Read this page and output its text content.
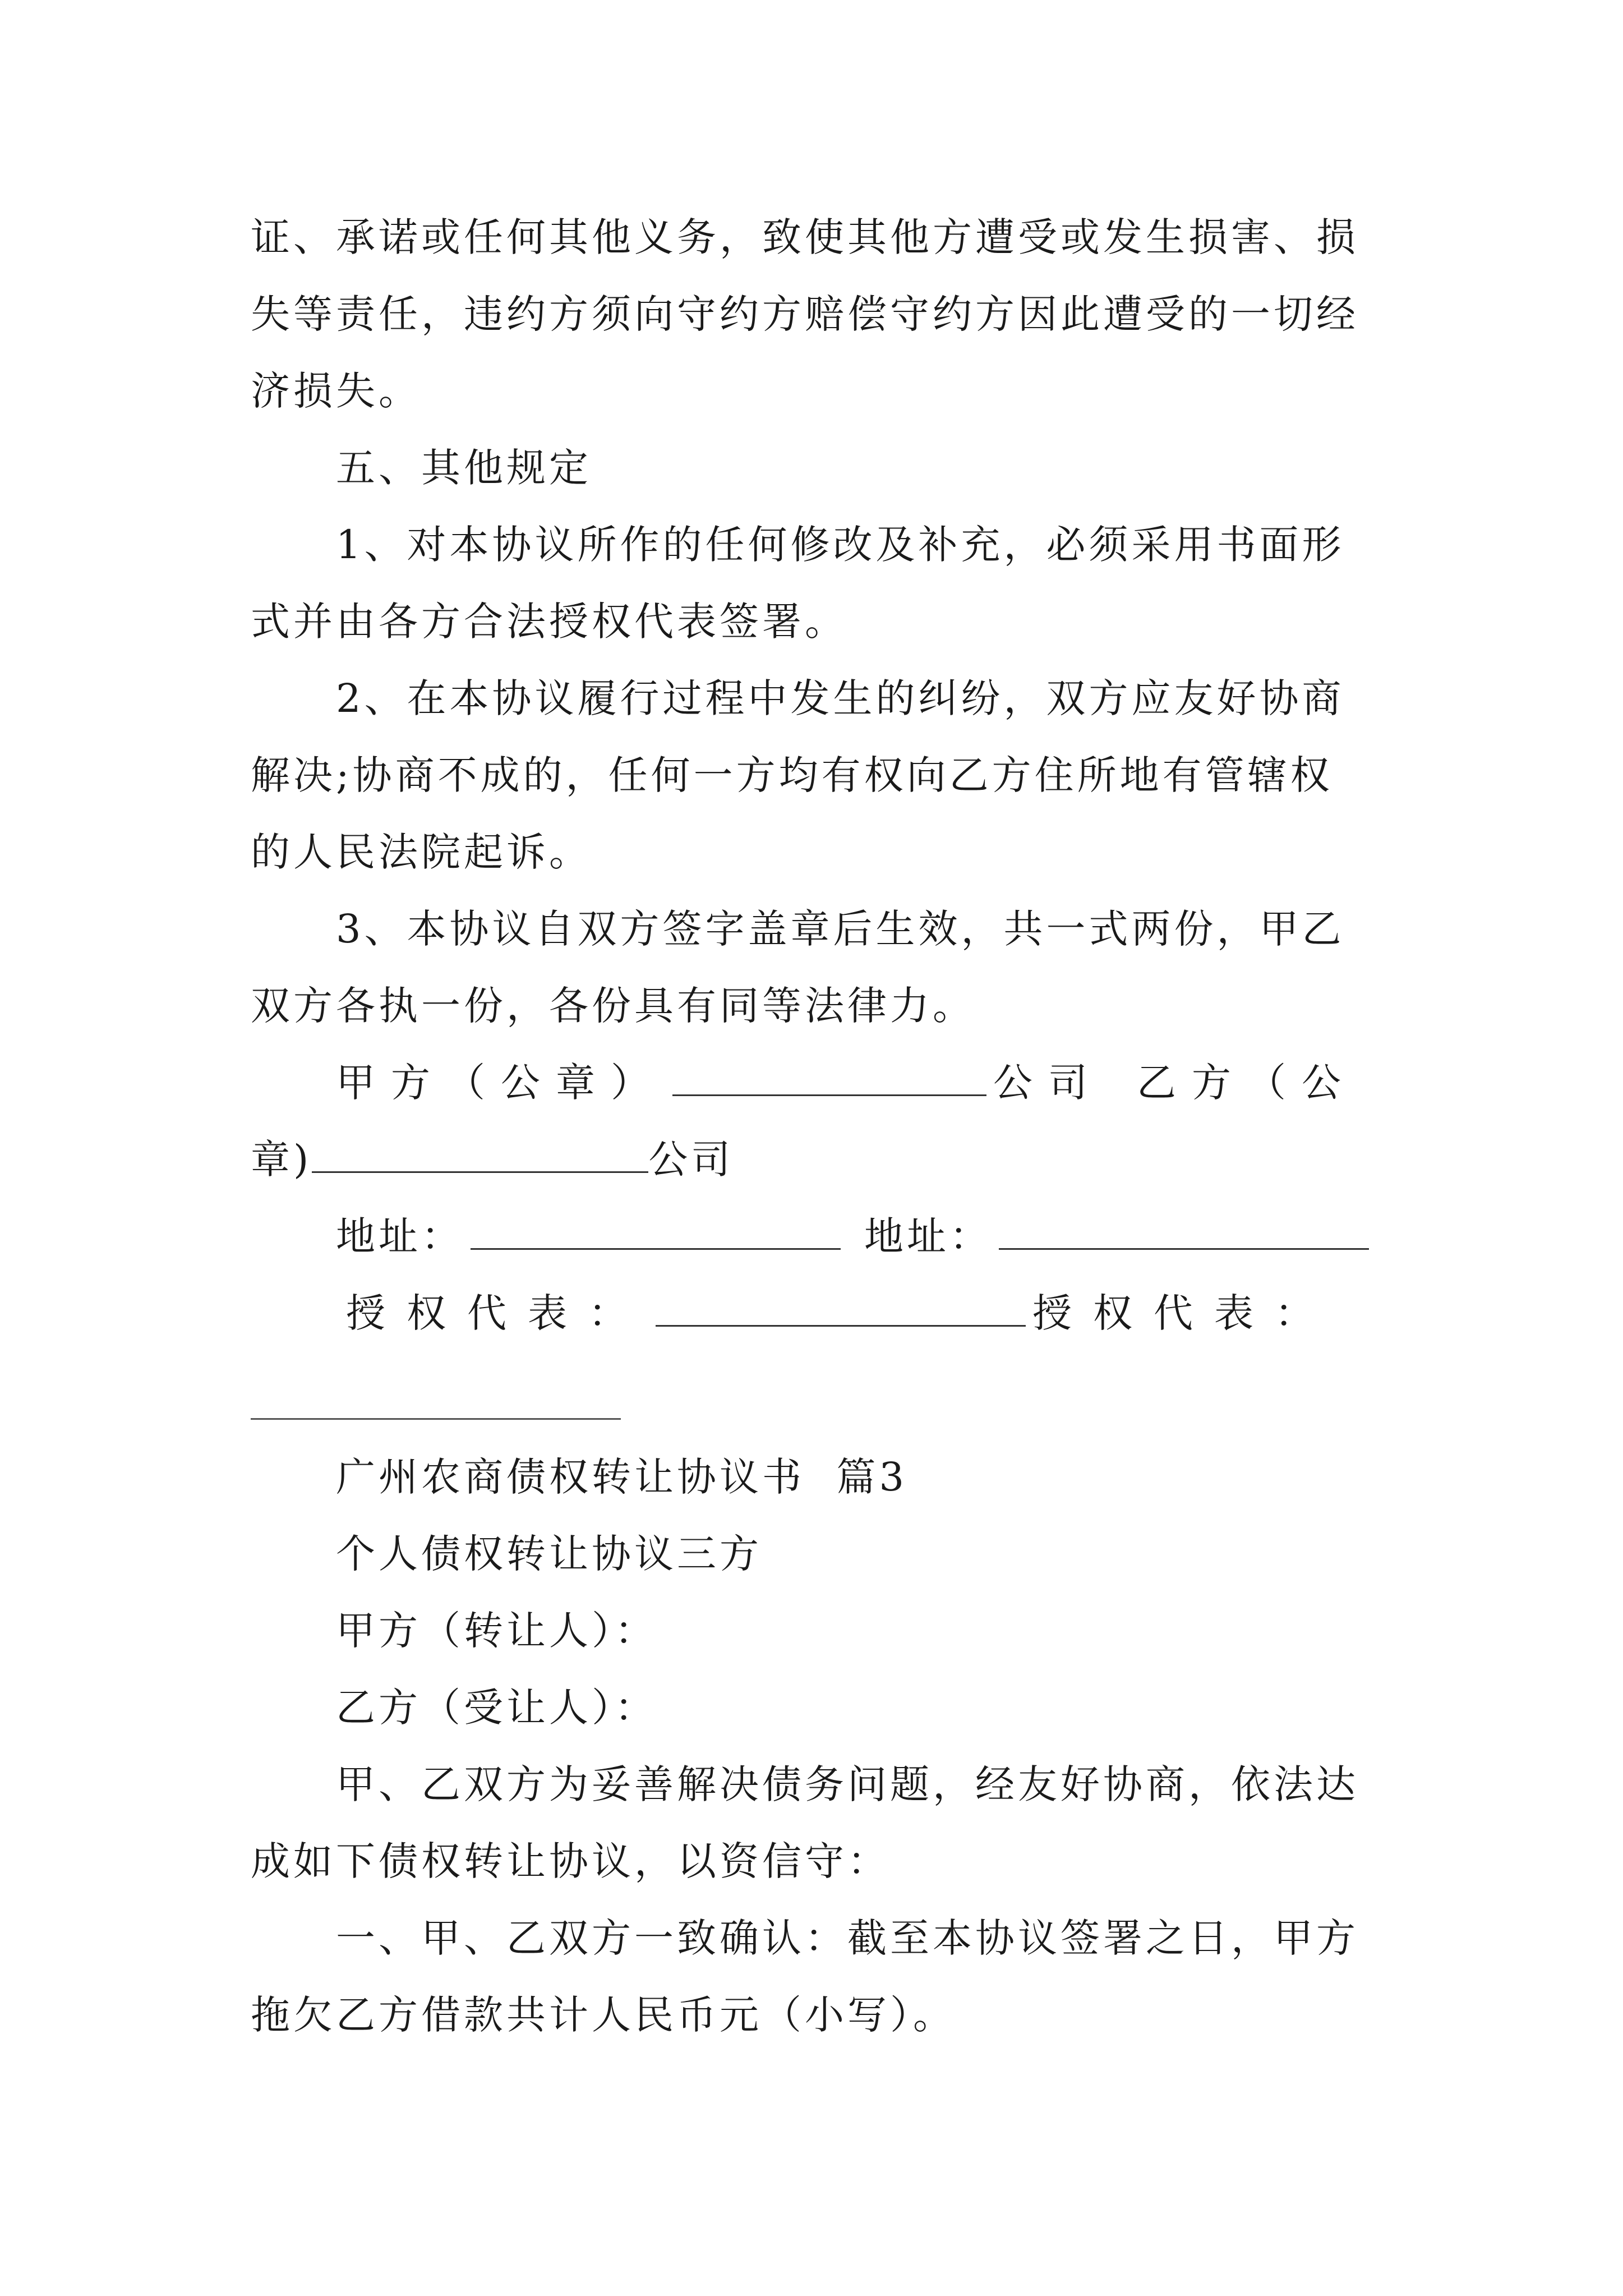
证、承诺或任何其他义务，致使其他方遭受或发生损害、损
失等责任，违约方须向守约方赔偿守约方因此遭受的一切经
济损失。
五、其他规定
1、对本协议所作的任何修改及补充，必须采用书面形
式并由各方合法授权代表签署。
2、在本协议履行过程中发生的纠纷，双方应友好协商
解决;协商不成的，任何一方均有权向乙方住所地有管辖权
的人民法院起诉。
3、本协议自双方签字盖章后生效，共一式两份，甲乙
双方各执一份，各份具有同等法律力。
甲方（公章）	公司 乙方（公
章)	公司
地址：	地址：
授权代表：	授权代表：
广州农商债权转让协议书  篇3
个人债权转让协议三方
甲方（转让人）：
乙方（受让人）：
甲、乙双方为妥善解决债务问题，经友好协商，依法达
成如下债权转让协议，以资信守：
一、甲、乙双方一致确认：截至本协议签署之日，甲方
拖欠乙方借款共计人民币元（小写）。
